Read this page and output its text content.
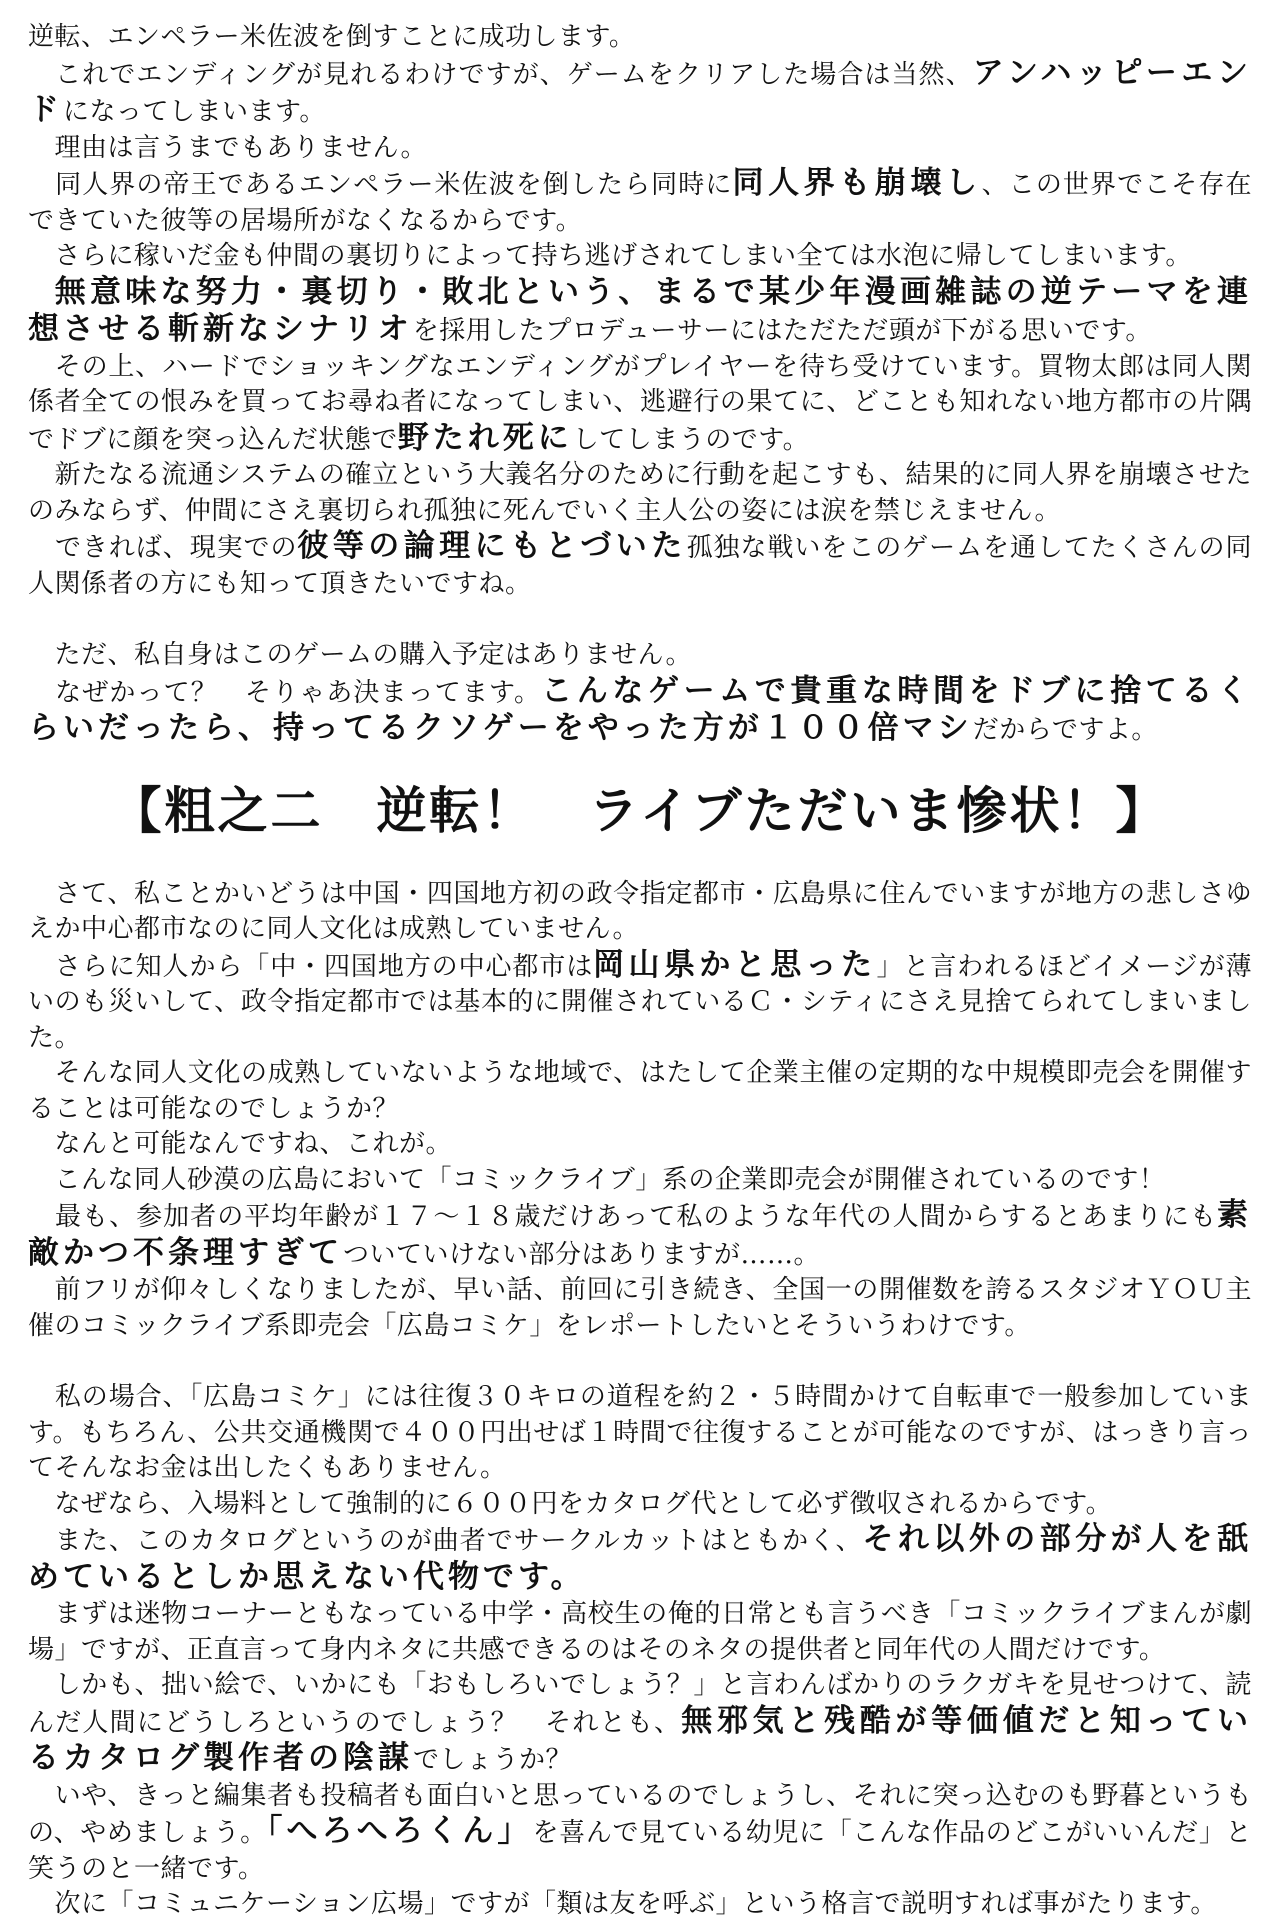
逆転、エンペラー米佐波を倒すことに成功します。

　これでエンディングが見れるわけですが、ゲームをクリアした場合は当然、アンハッピーエンドになってしまいます。

　理由は言うまでもありません。

　同人界の帝王であるエンペラー米佐波を倒したら同時に同人界も崩壊し、この世界でこそ存在できていた彼等の居場所がなくなるからです。

　さらに稼いだ金も仲間の裏切りによって持ち逃げされてしまい全ては水泡に帰してしまいます。

　無意味な努力・裏切り・敗北という、まるで某少年漫画雑誌の逆テーマを連想させる斬新なシナリオを採用したプロデューサーにはただただ頭が下がる思いです。

　その上、ハードでショッキングなエンディングがプレイヤーを待ち受けています。買物太郎は同人関係者全ての恨みを買ってお尋ね者になってしまい、逃避行の果てに、どことも知れない地方都市の片隅でドブに顔を突っ込んだ状態で野たれ死にしてしまうのです。

　新たなる流通システムの確立という大義名分のために行動を起こすも、結果的に同人界を崩壊させたのみならず、仲間にさえ裏切られ孤独に死んでいく主人公の姿には涙を禁じえません。

　できれば、現実での彼等の論理にもとづいた孤独な戦いをこのゲームを通してたくさんの同人関係者の方にも知って頂きたいですね。

　ただ、私自身はこのゲームの購入予定はありません。

　なぜかって？　そりゃあ決まってます。こんなゲームで貴重な時間をドブに捨てるくらいだったら、持ってるクソゲーをやった方が１００倍マシだからですよ。

【粗之二　逆転！　ライブただいま惨状！】

　さて、私ことかいどうは中国・四国地方初の政令指定都市・広島県に住んでいますが地方の悲しさゆえか中心都市なのに同人文化は成熟していません。

　さらに知人から「中・四国地方の中心都市は岡山県かと思った」と言われるほどイメージが薄いのも災いして、政令指定都市では基本的に開催されているＣ・シティにさえ見捨てられてしまいました。

　そんな同人文化の成熟していないような地域で、はたして企業主催の定期的な中規模即売会を開催することは可能なのでしょうか？

　なんと可能なんですね、これが。

　こんな同人砂漠の広島において「コミックライブ」系の企業即売会が開催されているのです！

　最も、参加者の平均年齢が１７～１８歳だけあって私のような年代の人間からするとあまりにも素敵かつ不条理すぎてついていけない部分はありますが……。

　前フリが仰々しくなりましたが、早い話、前回に引き続き、全国一の開催数を誇るスタジオＹＯＵ主催のコミックライブ系即売会「広島コミケ」をレポートしたいとそういうわけです。

　私の場合、「広島コミケ」には往復３０キロの道程を約２・５時間かけて自転車で一般参加しています。もちろん、公共交通機関で４００円出せば１時間で往復することが可能なのですが、はっきり言ってそんなお金は出したくもありません。

　なぜなら、入場料として強制的に６００円をカタログ代として必ず徴収されるからです。

　また、このカタログというのが曲者でサークルカットはともかく、それ以外の部分が人を舐めているとしか思えない代物です。

　まずは迷物コーナーともなっている中学・高校生の俺的日常とも言うべき「コミックライブまんが劇場」ですが、正直言って身内ネタに共感できるのはそのネタの提供者と同年代の人間だけです。

　しかも、拙い絵で、いかにも「おもしろいでしょう？」と言わんばかりのラクガキを見せつけて、読んだ人間にどうしろというのでしょう？　それとも、無邪気と残酷が等価値だと知っているカタログ製作者の陰謀でしょうか？

　いや、きっと編集者も投稿者も面白いと思っているのでしょうし、それに突っ込むのも野暮というもの、やめましょう。「へろへろくん」を喜んで見ている幼児に「こんな作品のどこがいいんだ」と笑うのと一緒です。

　次に「コミュニケーション広場」ですが「類は友を呼ぶ」という格言で説明すれば事がたります。
